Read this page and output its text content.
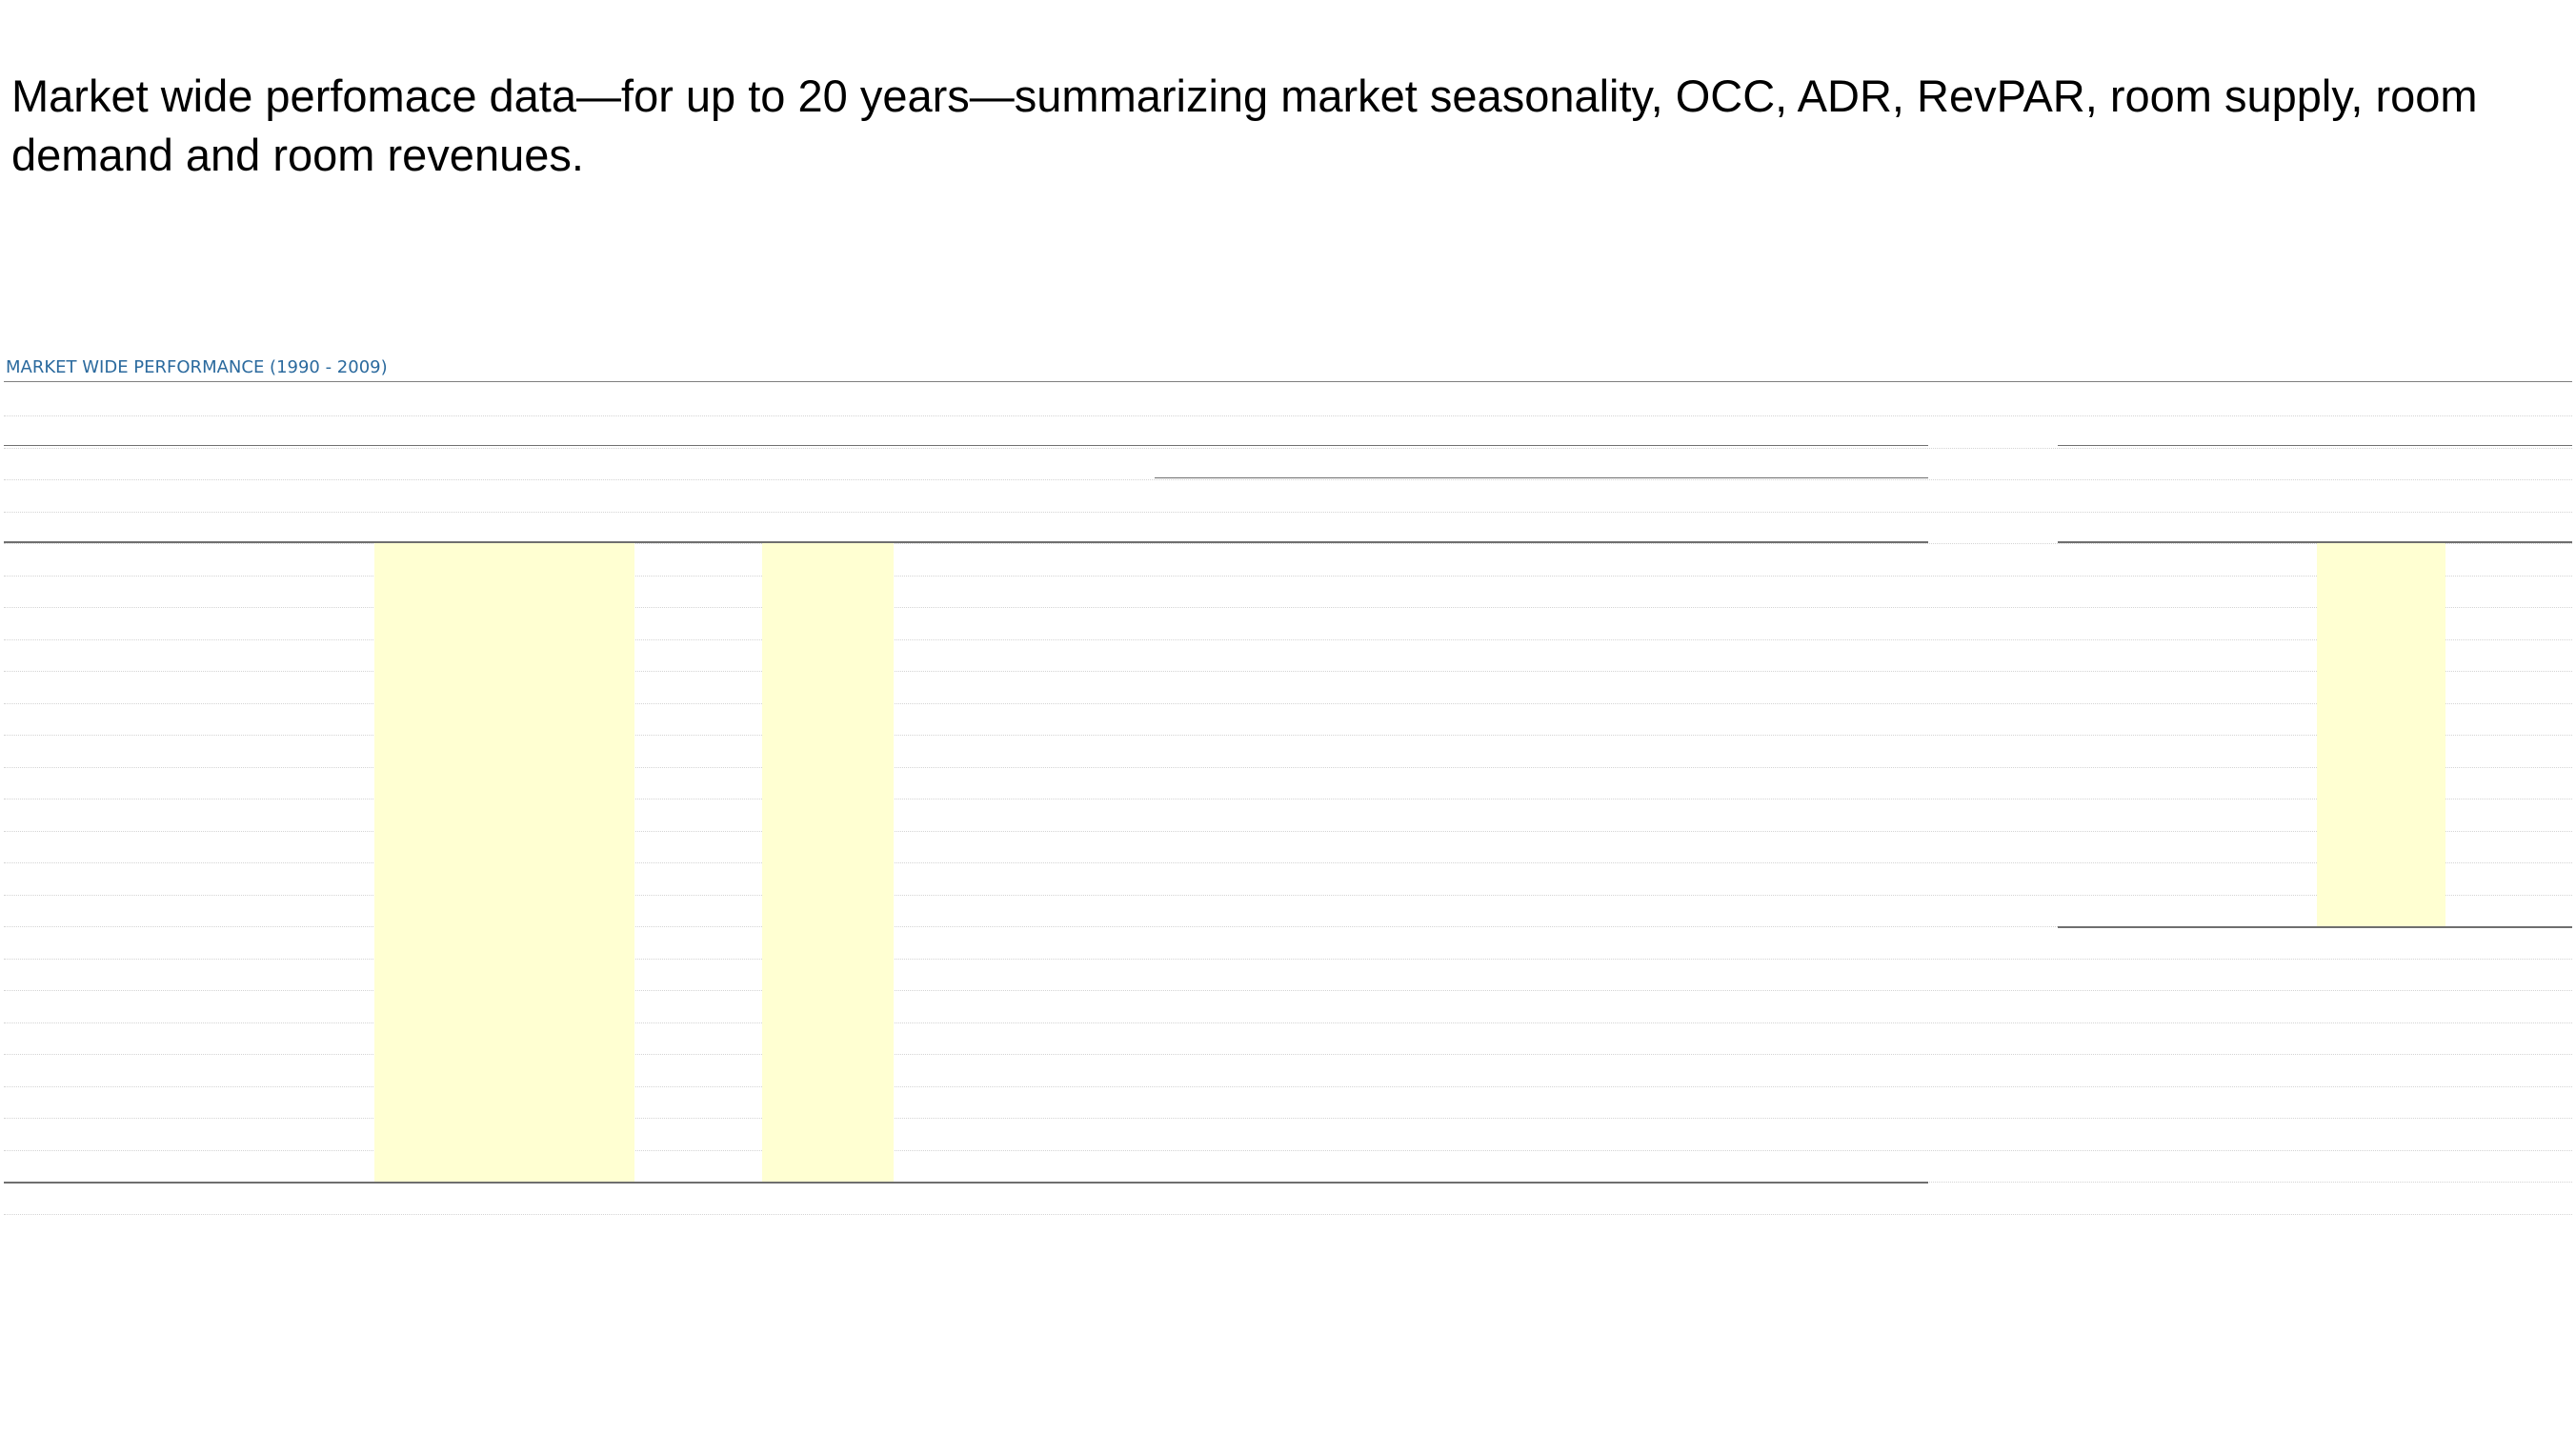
Market wide perfomace data—for up to 20 years—summarizing market seasonality, OCC, ADR, RevPAR, room supply, room demand and room revenues.
MARKET WIDE PERFORMANCE (1990 - 2009)
